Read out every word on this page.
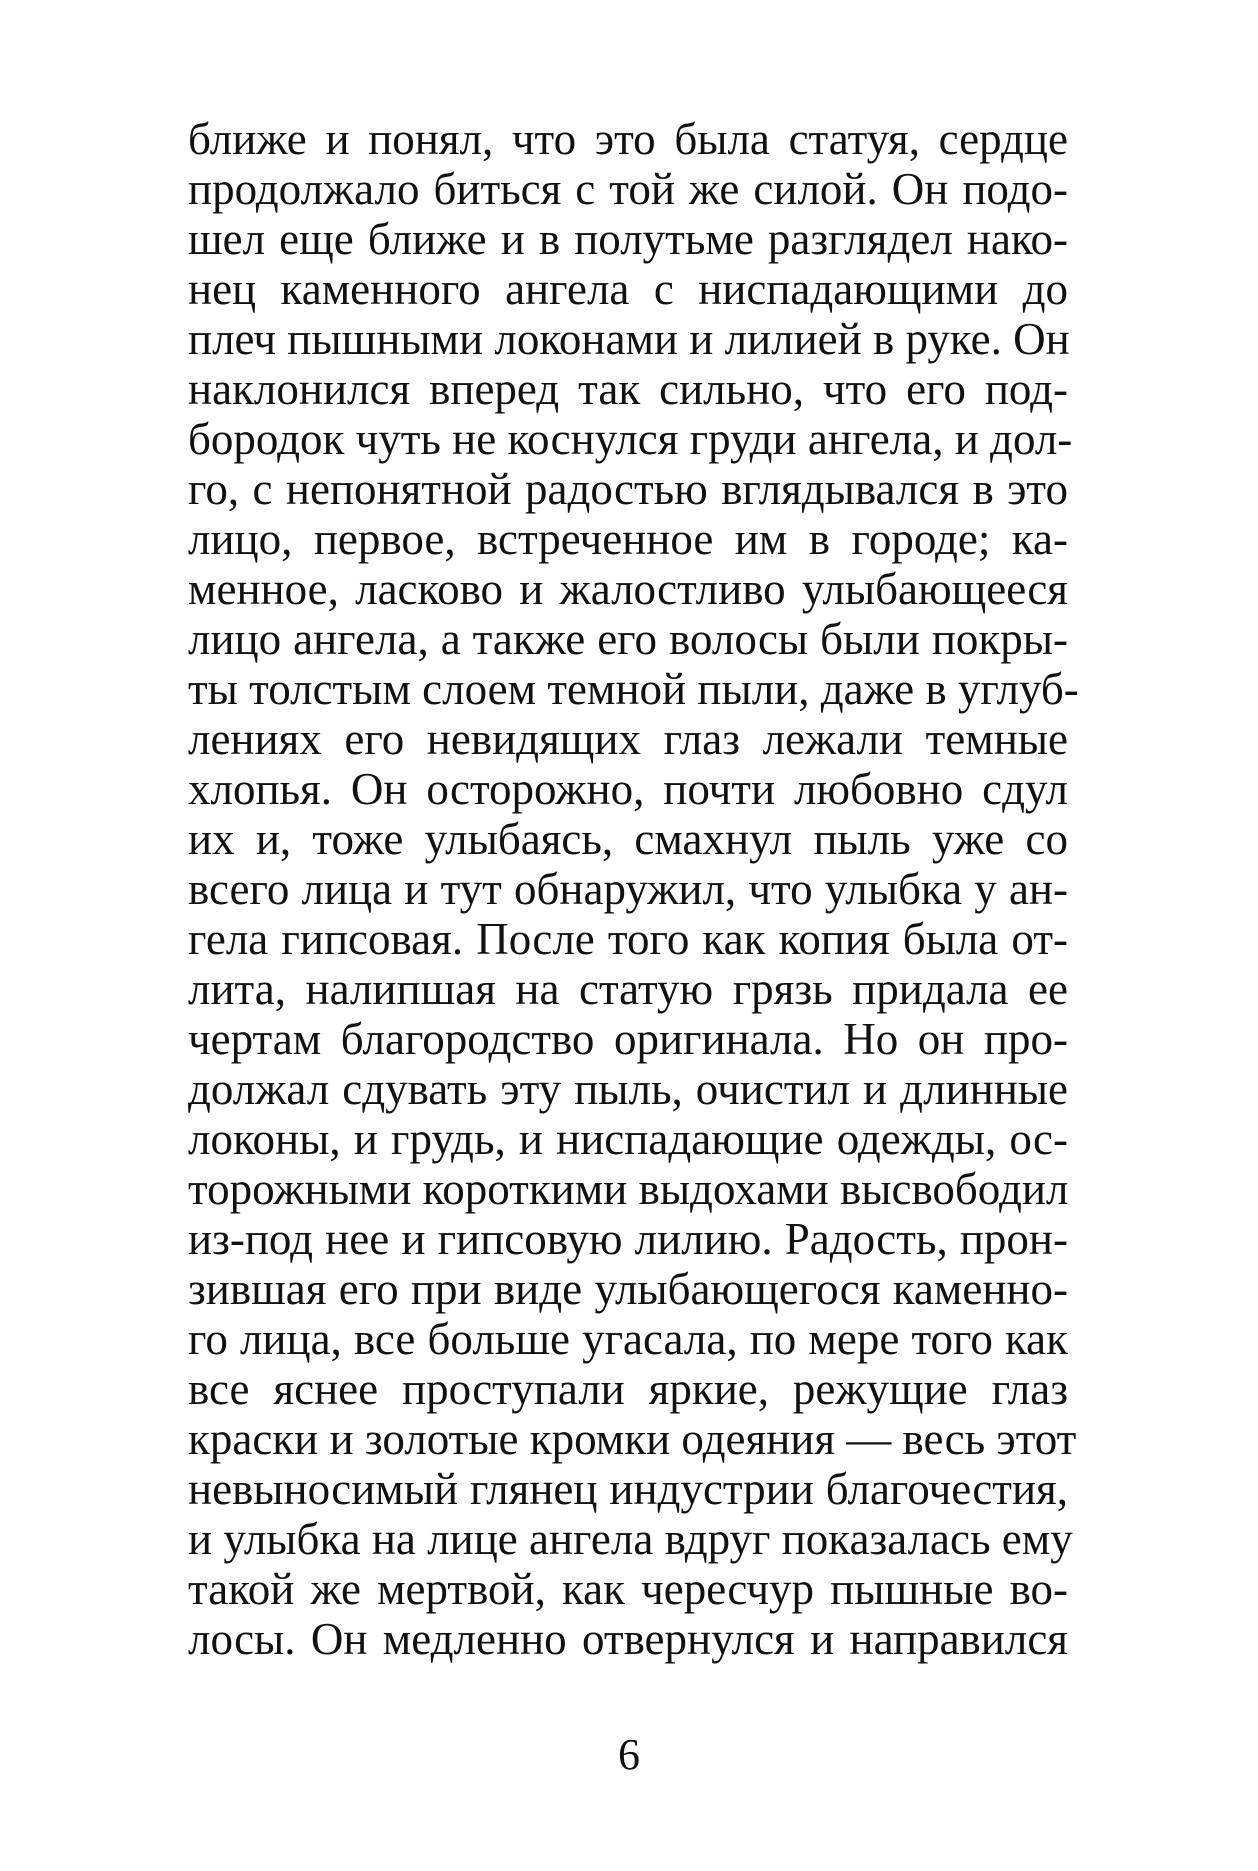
ближе и понял, что это была статуя, сердце
продолжало биться с той же силой. Он подо-
шел еще ближе и в полутьме разглядел нако-
нец каменного ангела с ниспадающими до
плеч пышными локонами и лилией в руке. Он
наклонился вперед так сильно, что его под-
бородок чуть не коснулся груди ангела, и дол-
го, с непонятной радостью вглядывался в это
лицо, первое, встреченное им в городе; ка-
менное, ласково и жалостливо улыбающееся
лицо ангела, а также его волосы были покры-
ты толстым слоем темной пыли, даже в углуб-
лениях его невидящих глаз лежали темные
хлопья. Он осторожно, почти любовно сдул
их и, тоже улыбаясь, смахнул пыль уже со
всего лица и тут обнаружил, что улыбка у ан-
гела гипсовая. После того как копия была от-
лита, налипшая на статую грязь придала ее
чертам благородство оригинала. Но он про-
должал сдувать эту пыль, очистил и длинные
локоны, и грудь, и ниспадающие одежды, ос-
торожными короткими выдохами высвободил
из-под нее и гипсовую лилию. Радость, прон-
зившая его при виде улыбающегося каменно-
го лица, все больше угасала, по мере того как
все яснее проступали яркие, режущие глаз
краски и золотые кромки одеяния — весь этот
невыносимый глянец индустрии благочестия,
и улыбка на лице ангела вдруг показалась ему
такой же мертвой, как чересчур пышные во-
лосы. Он медленно отвернулся и направился
6
